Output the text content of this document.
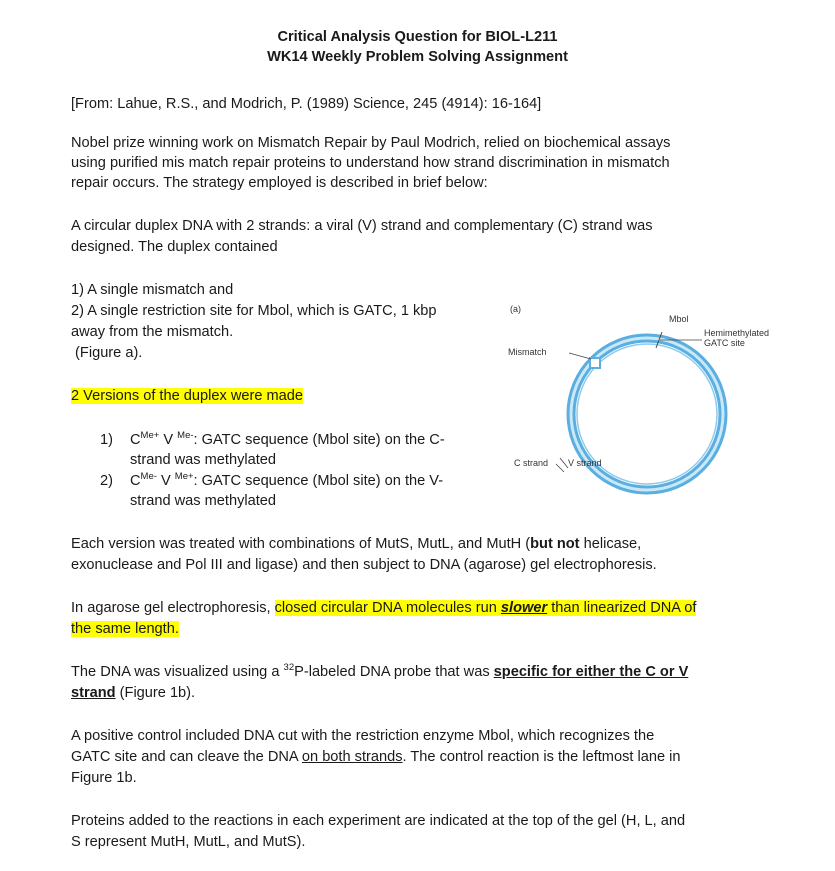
Critical Analysis Question for BIOL-L211
WK14 Weekly Problem Solving Assignment
[From: Lahue, R.S., and Modrich, P. (1989) Science, 245 (4914): 16-164]
Nobel prize winning work on Mismatch Repair by Paul Modrich, relied on biochemical assays
using purified mis match repair proteins to understand how strand discrimination in mismatch
repair occurs. The strategy employed is described in brief below:
A circular duplex DNA with 2 strands: a viral (V) strand and complementary (C) strand was
designed. The duplex contained
1) A single mismatch and
2) A single restriction site for Mbol, which is GATC, 1 kbp
away from the mismatch.
(Figure a).
2 Versions of the duplex were made
1) $C^{Me+}$ V $^{Me-}$: GATC sequence (Mbol site) on the C-
strand was methylated
2) $C^{Me-}$ V $^{Me+}$: GATC sequence (Mbol site) on the V-
strand was methylated
(a)
Mbol
Hemimethylated
GATC site
Mismatch
C strand V strand
Each version was treated with combinations of MutS, MutL, and MutH (but not helicase,
exonuclease and Pol III and ligase) and then subject to DNA (agarose) gel electrophoresis.
In agarose gel electrophoresis, closed circular DNA molecules run slower than linearized DNA of
the same length.
The DNA was visualized using a $^{32}$P-labeled DNA probe that was specific for either the C or V
strand (Figure 1b).
A positive control included DNA cut with the restriction enzyme Mbol, which recognizes the
GATC site and can cleave the DNA on both strands. The control reaction is the leftmost lane in
Figure 1b.
Proteins added to the reactions in each experiment are indicated at the top of the gel (H, L, and
S represent MutH, MutL, and MutS).
